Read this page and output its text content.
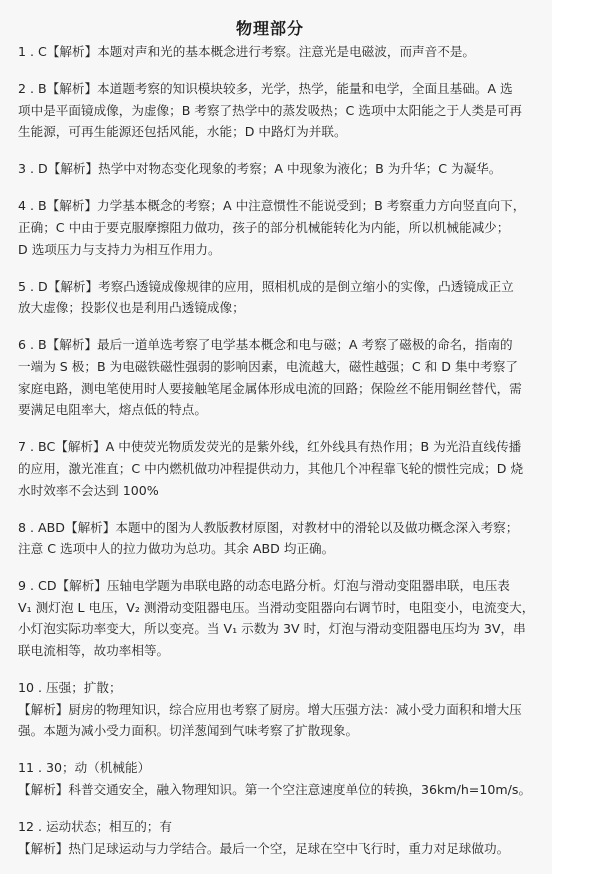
物理部分
1 . C【解析】本题对声和光的基本概念进行考察。注意光是电磁波，而声音不是。
2 . B【解析】本道题考察的知识模块较多，光学，热学，能量和电学，全面且基础。A 选
项中是平面镜成像，为虚像；B 考察了热学中的蒸发吸热；C 选项中太阳能之于人类是可再
生能源，可再生能源还包括风能，水能；D 中路灯为并联。
3 . D【解析】热学中对物态变化现象的考察；A 中现象为液化；B 为升华；C 为凝华。
4 . B【解析】力学基本概念的考察；A 中注意惯性不能说受到；B 考察重力方向竖直向下，
正确；C 中由于要克服摩擦阻力做功，孩子的部分机械能转化为内能，所以机械能减少；
D 选项压力与支持力为相互作用力。
5 . D【解析】考察凸透镜成像规律的应用，照相机成的是倒立缩小的实像，凸透镜成正立
放大虚像；投影仪也是利用凸透镜成像；
6 . B【解析】最后一道单选考察了电学基本概念和电与磁；A 考察了磁极的命名，指南的
一端为 S 极；B 为电磁铁磁性强弱的影响因素，电流越大，磁性越强；C 和 D 集中考察了
家庭电路，测电笔使用时人要接触笔尾金属体形成电流的回路；保险丝不能用铜丝替代，需
要满足电阻率大，熔点低的特点。
7 . BC【解析】A 中使荧光物质发荧光的是紫外线，红外线具有热作用；B 为光沿直线传播
的应用，激光准直；C 中内燃机做功冲程提供动力，其他几个冲程靠飞轮的惯性完成；D 烧
水时效率不会达到 100%
8 . ABD【解析】本题中的图为人教版教材原图，对教材中的滑轮以及做功概念深入考察；
注意 C 选项中人的拉力做功为总功。其余 ABD 均正确。
9 . CD【解析】压轴电学题为串联电路的动态电路分析。灯泡与滑动变阻器串联，电压表
V₁ 测灯泡 L 电压，V₂ 测滑动变阻器电压。当滑动变阻器向右调节时，电阻变小，电流变大，
小灯泡实际功率变大，所以变亮。当 V₁ 示数为 3V 时，灯泡与滑动变阻器电压均为 3V，串
联电流相等，故功率相等。
10 . 压强；扩散；
【解析】厨房的物理知识，综合应用也考察了厨房。增大压强方法：减小受力面积和增大压
强。本题为减小受力面积。切洋葱闻到气味考察了扩散现象。
11 . 30；动（机械能）
【解析】科普交通安全，融入物理知识。第一个空注意速度单位的转换，36km/h=10m/s。
12 . 运动状态；相互的；有
【解析】热门足球运动与力学结合。最后一个空，足球在空中飞行时，重力对足球做功。
